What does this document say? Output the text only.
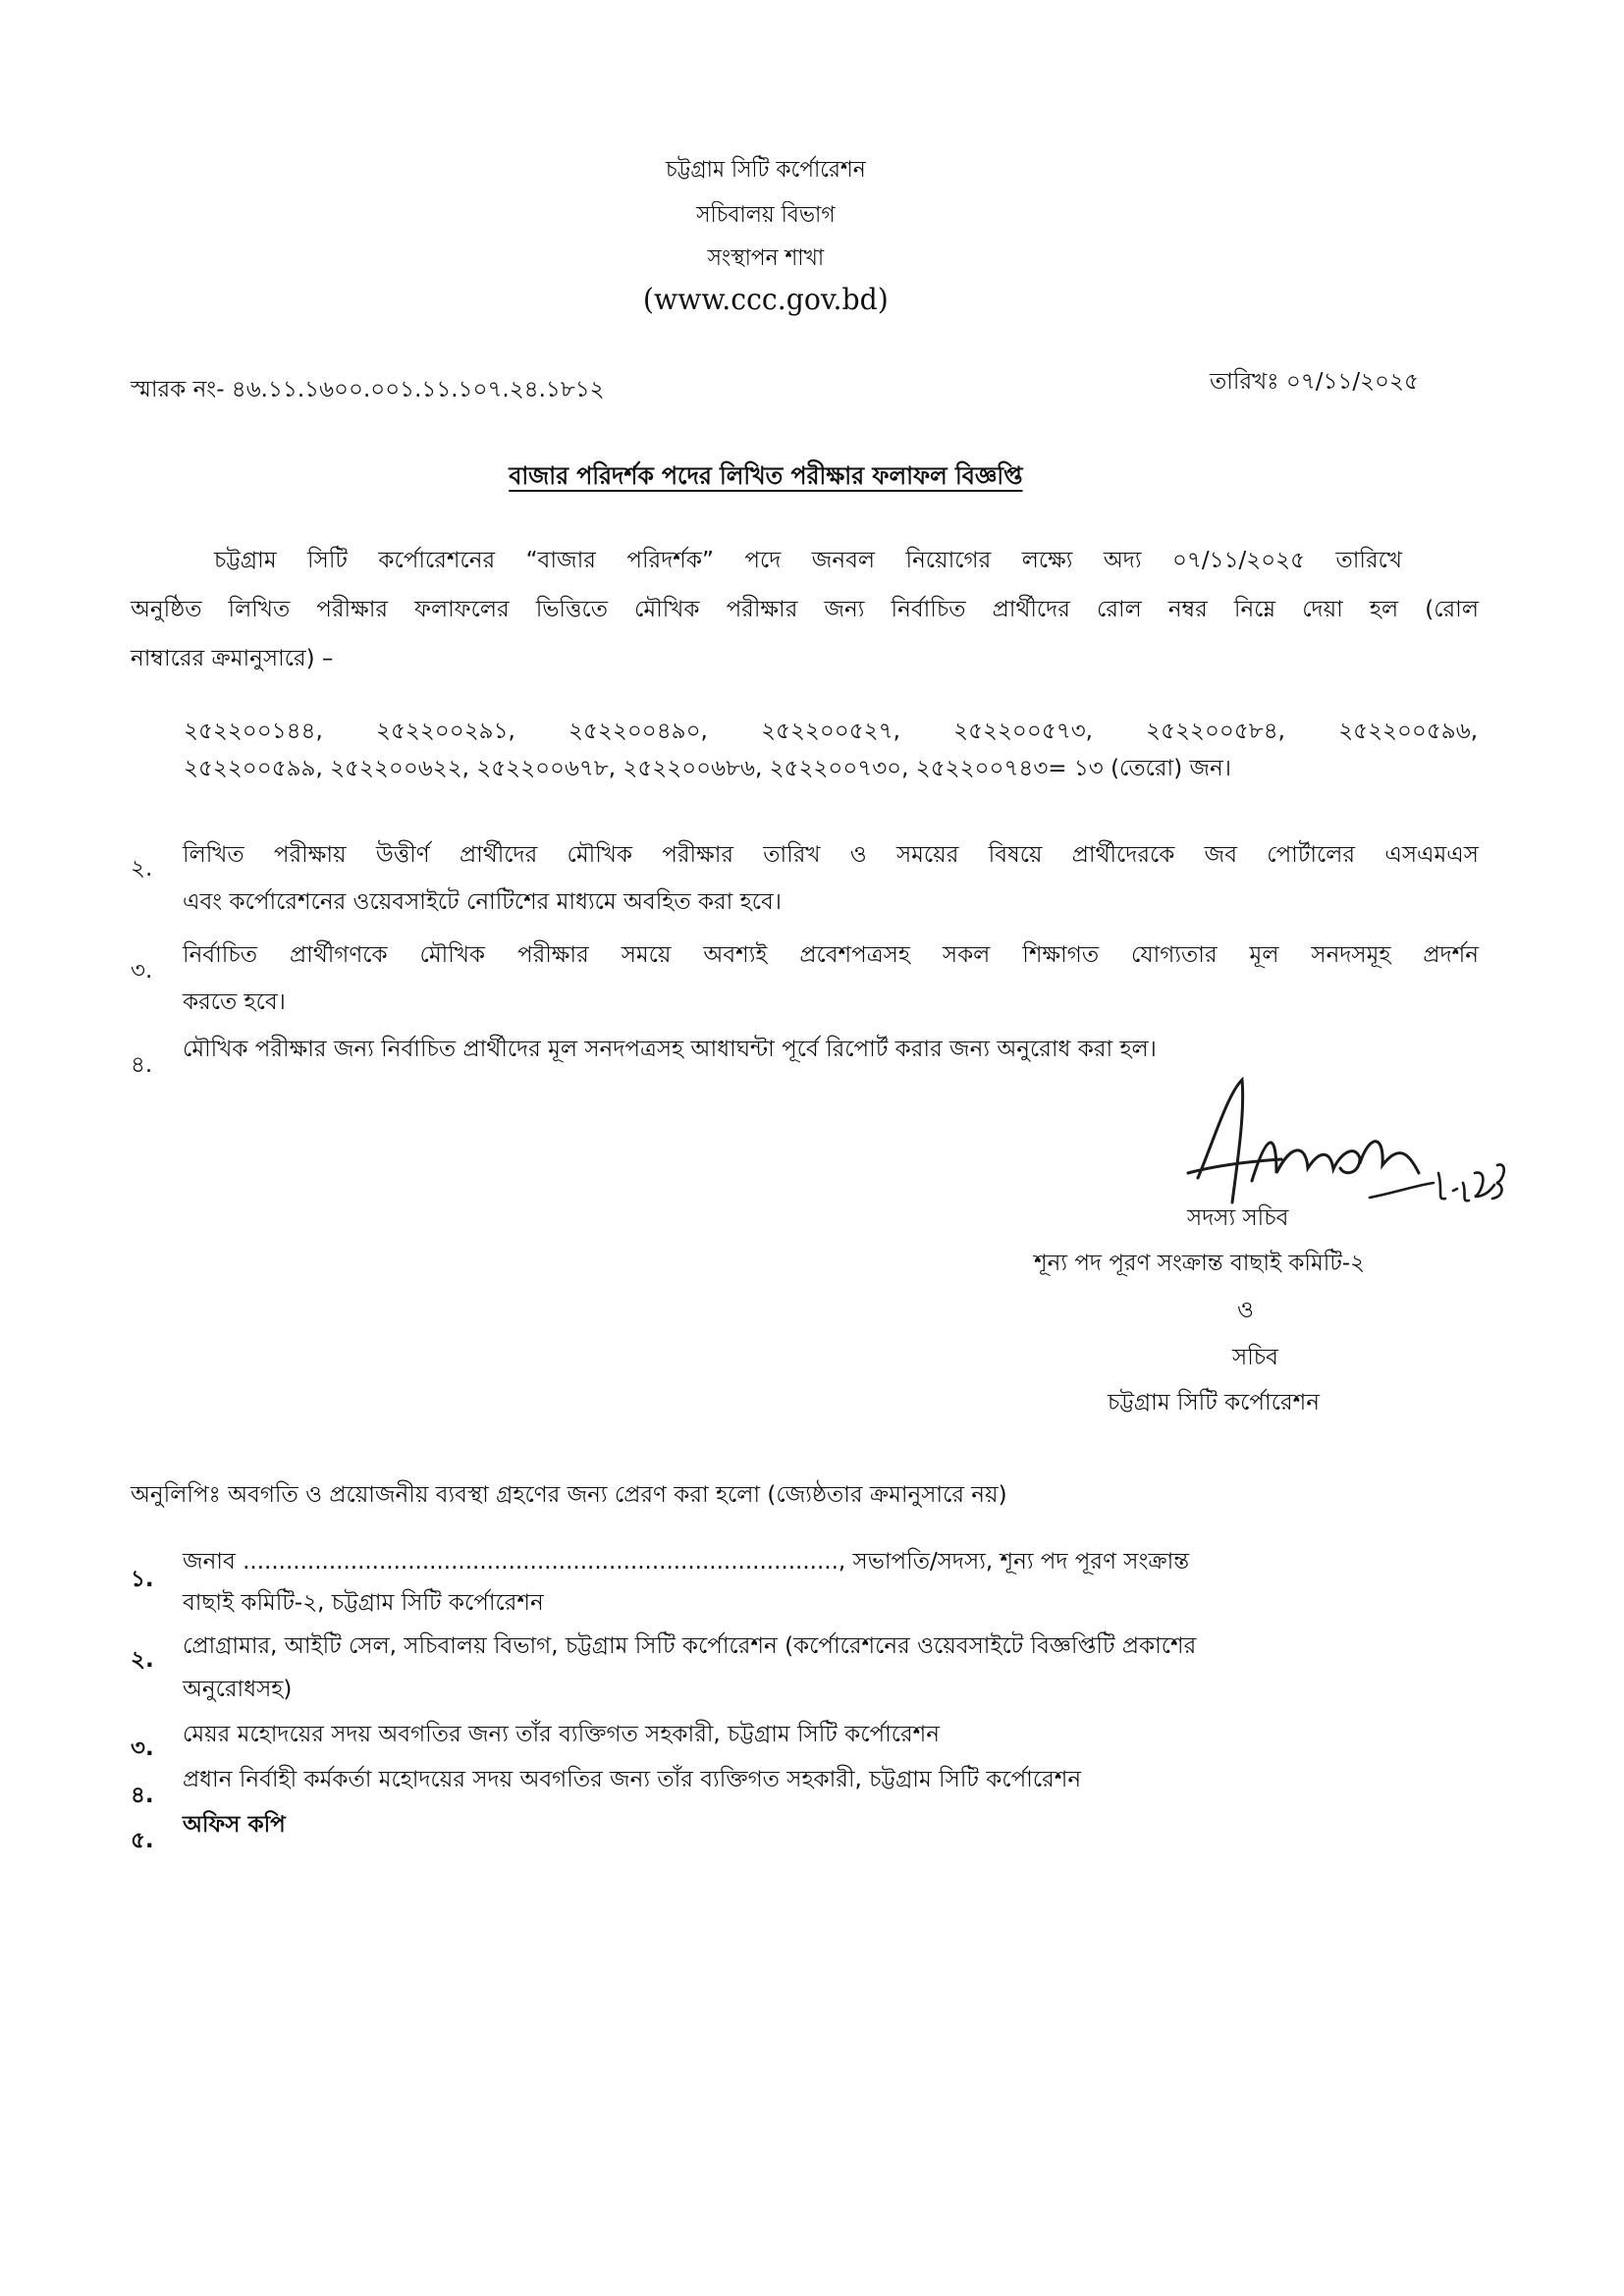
চট্টগ্রাম সিটি কর্পোরেশন
সচিবালয় বিভাগ
সংস্থাপন শাখা
(www.ccc.gov.bd)
স্মারক নং- ৪৬.১১.১৬০০.০০১.১১.১০৭.২৪.১৮১২	তারিখঃ ০৭/১১/২০২৫
বাজার পরিদর্শক পদের লিখিত পরীক্ষার ফলাফল বিজ্ঞপ্তি
চট্টগ্রাম সিটি কর্পোরেশনের “বাজার পরিদর্শক” পদে জনবল নিয়োগের লক্ষ্যে অদ্য ০৭/১১/২০২৫ তারিখে
অনুষ্ঠিত লিখিত পরীক্ষার ফলাফলের ভিত্তিতে মৌখিক পরীক্ষার জন্য নির্বাচিত প্রার্থীদের রোল নম্বর নিম্নে দেয়া হল (রোল
নাম্বারের ক্রমানুসারে) –
২৫২২০০১৪৪, ২৫২২০০২৯১, ২৫২২০০৪৯০, ২৫২২০০৫২৭, ২৫২২০০৫৭৩, ২৫২২০০৫৮৪, ২৫২২০০৫৯৬,
২৫২২০০৫৯৯, ২৫২২০০৬২২, ২৫২২০০৬৭৮, ২৫২২০০৬৮৬, ২৫২২০০৭৩০, ২৫২২০০৭৪৩= ১৩ (তেরো) জন।
২.
লিখিত পরীক্ষায় উত্তীর্ণ প্রার্থীদের মৌখিক পরীক্ষার তারিখ ও সময়ের বিষয়ে প্রার্থীদেরকে জব পোর্টালের এসএমএস
এবং কর্পোরেশনের ওয়েবসাইটে নোটিশের মাধ্যমে অবহিত করা হবে।
৩.
নির্বাচিত প্রার্থীগণকে মৌখিক পরীক্ষার সময়ে অবশ্যই প্রবেশপত্রসহ সকল শিক্ষাগত যোগ্যতার মূল সনদসমূহ প্রদর্শন
করতে হবে।
৪.
মৌখিক পরীক্ষার জন্য নির্বাচিত প্রার্থীদের মূল সনদপত্রসহ আধাঘন্টা পূর্বে রিপোর্ট করার জন্য অনুরোধ করা হল।
সদস্য সচিব
শূন্য পদ পূরণ সংক্রান্ত বাছাই কমিটি-২
ও
সচিব
চট্টগ্রাম সিটি কর্পোরেশন
অনুলিপিঃ অবগতি ও প্রয়োজনীয় ব্যবস্থা গ্রহণের জন্য প্রেরণ করা হলো (জ্যেষ্ঠতার ক্রমানুসারে নয়)
১.
জনাব ..................................................................................., সভাপতি/সদস্য, শূন্য পদ পূরণ সংক্রান্ত
বাছাই কমিটি-২, চট্টগ্রাম সিটি কর্পোরেশন
২.
প্রোগ্রামার, আইটি সেল, সচিবালয় বিভাগ, চট্টগ্রাম সিটি কর্পোরেশন (কর্পোরেশনের ওয়েবসাইটে বিজ্ঞপ্তিটি প্রকাশের
অনুরোধসহ)
৩.
মেয়র মহোদয়ের সদয় অবগতির জন্য তাঁর ব্যক্তিগত সহকারী, চট্টগ্রাম সিটি কর্পোরেশন
৪.
প্রধান নির্বাহী কর্মকর্তা মহোদয়ের সদয় অবগতির জন্য তাঁর ব্যক্তিগত সহকারী, চট্টগ্রাম সিটি কর্পোরেশন
৫.
অফিস কপি
